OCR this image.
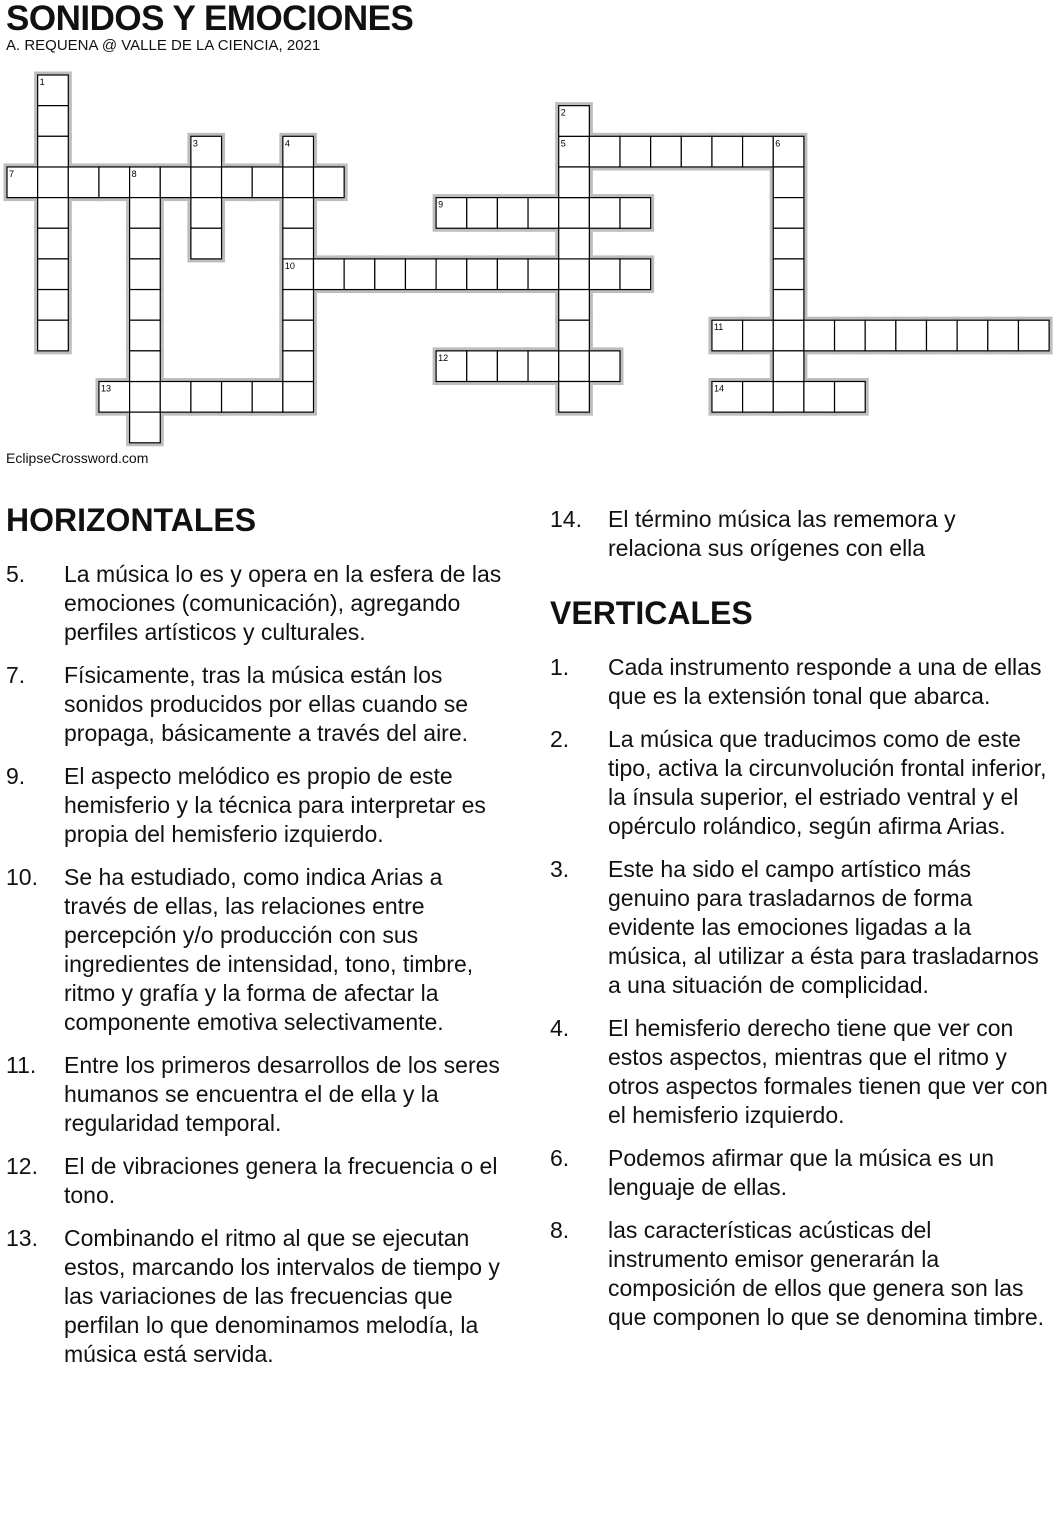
SONIDOS Y EMOCIONES

A. REQUENA @ VALLE DE LA CIENCIA, 2021

5	6
7	8
9
10
11
12
13	14
1
2
3	4

EclipseCrossword.com

HORIZONTALES
5. La música lo es y opera en la esfera de las emociones (comunicación), agregando perfiles artísticos y culturales.
7. Físicamente, tras la música están los sonidos producidos por ellas cuando se propaga, básicamente a través del aire.
9. El aspecto melódico es propio de este hemisferio y la técnica para interpretar es propia del hemisferio izquierdo.
10. Se ha estudiado, como indica Arias a través de ellas, las relaciones entre percepción y/o producción con sus ingredientes de intensidad, tono, timbre, ritmo y grafía y la forma de afectar la componente emotiva selectivamente.
11. Entre los primeros desarrollos de los seres humanos se encuentra el de ella y la regularidad temporal.
12. El de vibraciones genera la frecuencia o el tono.
13. Combinando el ritmo al que se ejecutan estos, marcando los intervalos de tiempo y las variaciones de las frecuencias que perfilan lo que denominamos melodía, la música está servida.
14. El término música las rememora y relaciona sus orígenes con ella
VERTICALES
1. Cada instrumento responde a una de ellas que es la extensión tonal que abarca.
2. La música que traducimos como de este tipo, activa la circunvolución frontal inferior, la ínsula superior, el estriado ventral y el opérculo rolándico, según afirma Arias.
3. Este ha sido el campo artístico más genuino para trasladarnos de forma evidente las emociones ligadas a la música, al utilizar a ésta para trasladarnos a una situación de complicidad.
4. El hemisferio derecho tiene que ver con estos aspectos, mientras que el ritmo y otros aspectos formales tienen que ver con el hemisferio izquierdo.
6. Podemos afirmar que la música es un lenguaje de ellas.
8. las características acústicas del instrumento emisor generarán la composición de ellos que genera son las que componen lo que se denomina timbre.
